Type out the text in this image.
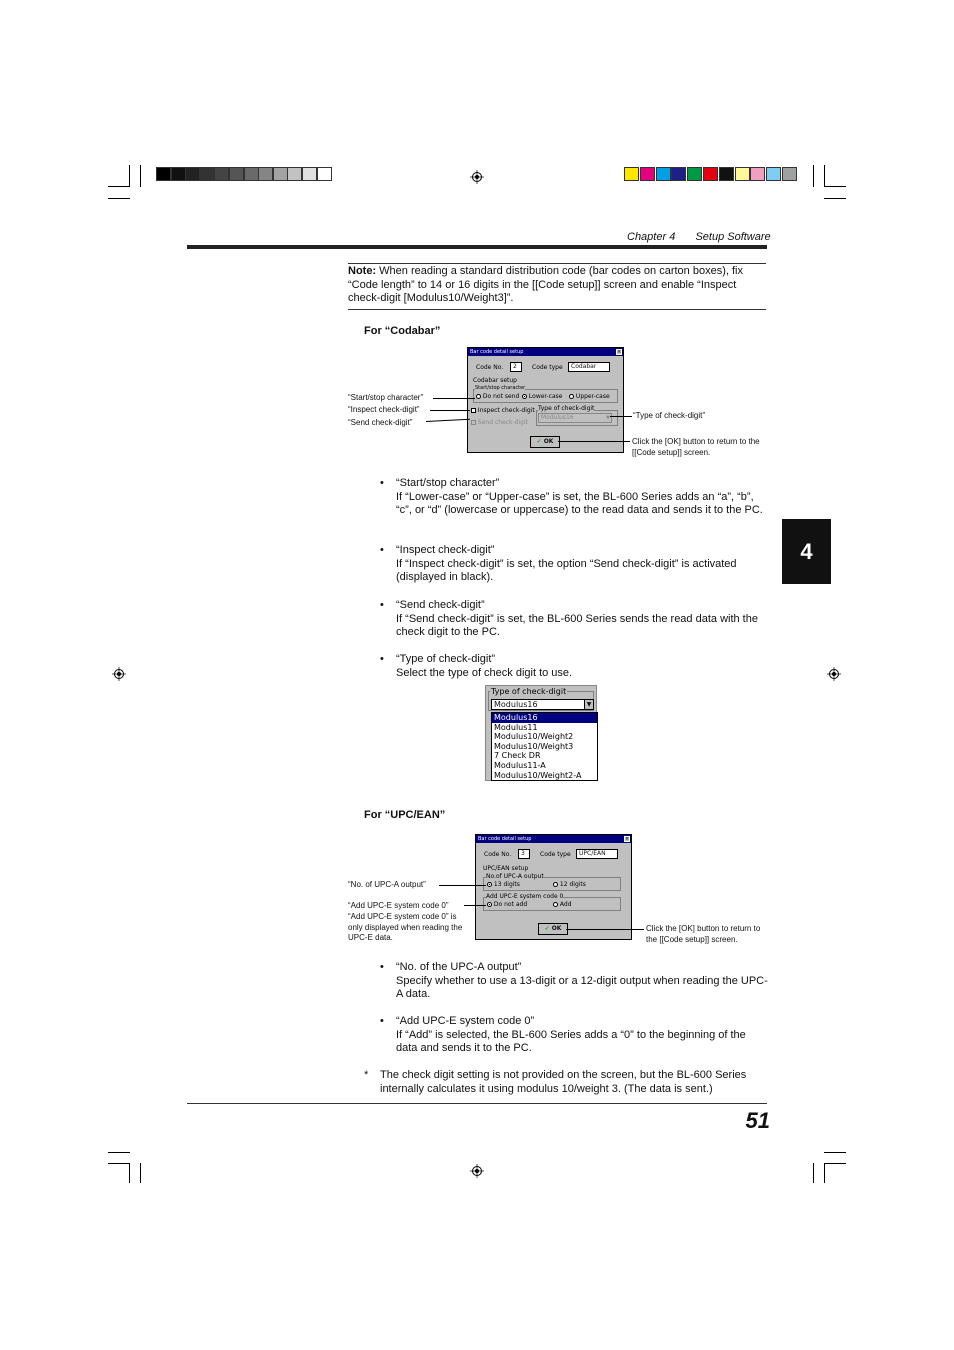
Chapter 4 Setup Software
Note: When reading a standard distribution code (bar codes on carton boxes), fix “Code length” to 14 or 16 digits in the [[Code setup]] screen and enable “Inspect check-digit [Modulus10/Weight3]”.
For “Codabar”
Bar code detail setup	×
Code No.	2	Code type	Codabar
Codabar setup
Start/stop character
Do not send	Lower-case	Upper-case
Inspect check-digit
Send check-digit
Type of check-digit
Modulus16	▼
✓ OK
“Start/stop character”
“Inspect check-digit”
“Send check-digit”
“Type of check-digit”
Click the [OK] button to return to the [[Code setup]] screen.
• “Start/stop character”
If “Lower-case” or “Upper-case” is set, the BL-600 Series adds an “a”, “b”, “c”, or “d” (lowercase or uppercase) to the read data and sends it to the PC.
• “Inspect check-digit”
If “Inspect check-digit” is set, the option “Send check-digit” is activated (displayed in black).
• “Send check-digit”
If “Send check-digit” is set, the BL-600 Series sends the read data with the check digit to the PC.
• “Type of check-digit”
Select the type of check digit to use.
Type of check-digit
Modulus16	▼
Modulus16
Modulus11
Modulus10/Weight2
Modulus10/Weight3
7 Check DR
Modulus11-A
Modulus10/Weight2-A
For “UPC/EAN”
Bar code detail setup	×
Code No.	3	Code type	UPC/EAN
UPC/EAN setup
No.of UPC-A output
13 digits	12 digits
Add UPC-E system code 0
Do not add	Add
✓ OK
“No. of UPC-A output”
“Add UPC-E system code 0”
“Add UPC-E system code 0” is only displayed when reading the UPC-E data.
Click the [OK] button to return to the [[Code setup]] screen.
• “No. of the UPC-A output”
Specify whether to use a 13-digit or a 12-digit output when reading the UPC-A data.
• “Add UPC-E system code 0”
If “Add” is selected, the BL-600 Series adds a “0” to the beginning of the data and sends it to the PC.
* The check digit setting is not provided on the screen, but the BL-600 Series internally calculates it using modulus 10/weight 3. (The data is sent.)
51
4
